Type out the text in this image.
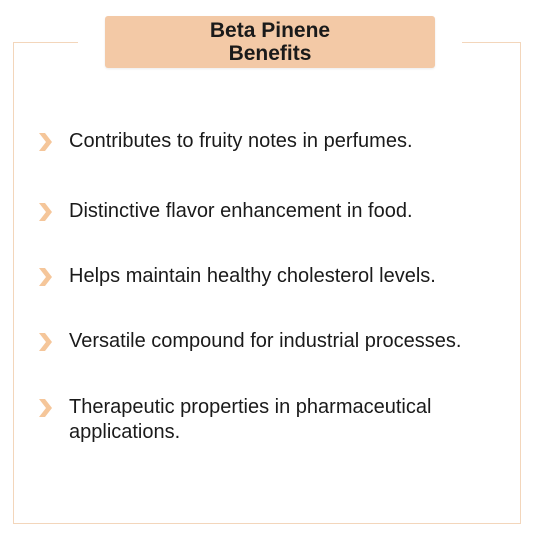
Beta Pinene
Benefits
Contributes to fruity notes in perfumes.
Distinctive flavor enhancement in food.
Helps maintain healthy cholesterol levels.
Versatile compound for industrial processes.
Therapeutic properties in pharmaceutical applications.
